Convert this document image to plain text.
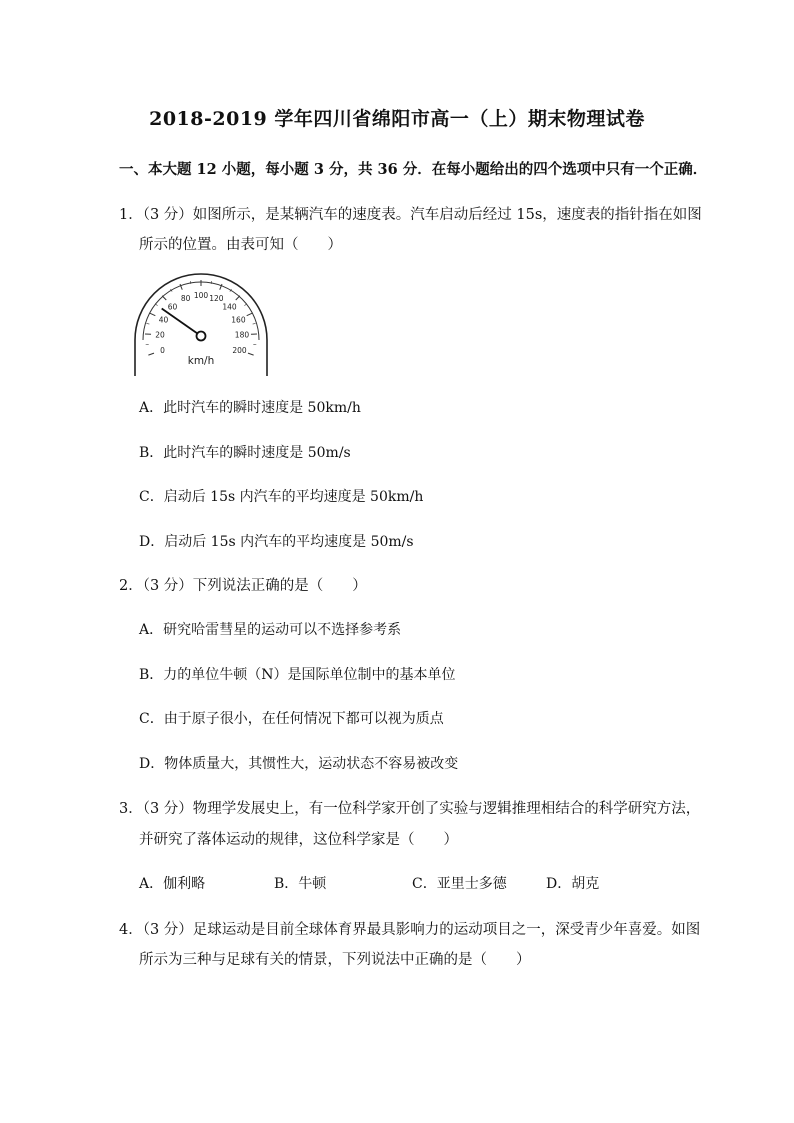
2018-2019 学年四川省绵阳市高一（上）期末物理试卷
一、本大题 12 小题，每小题 3 分，共 36 分．在每小题给出的四个选项中只有一个正确．
1．（3 分）如图所示，是某辆汽车的速度表。汽车启动后经过 15s，速度表的指针指在如图
所示的位置。由表可知（　　）
0
20
40
60
80 100 120
140
160
180
200
km/h
A．此时汽车的瞬时速度是 50km/h
B．此时汽车的瞬时速度是 50m/s
C．启动后 15s 内汽车的平均速度是 50km/h
D．启动后 15s 内汽车的平均速度是 50m/s
2．（3 分）下列说法正确的是（　　）
A．研究哈雷彗星的运动可以不选择参考系
B．力的单位牛顿（N）是国际单位制中的基本单位
C．由于原子很小，在任何情况下都可以视为质点
D．物体质量大，其惯性大，运动状态不容易被改变
3．（3 分）物理学发展史上，有一位科学家开创了实验与逻辑推理相结合的科学研究方法，
并研究了落体运动的规律，这位科学家是（　　）
A．伽利略	B．牛顿	C．亚里士多德	D．胡克
4．（3 分）足球运动是目前全球体育界最具影响力的运动项目之一，深受青少年喜爱。如图
所示为三种与足球有关的情景，下列说法中正确的是（　　）
